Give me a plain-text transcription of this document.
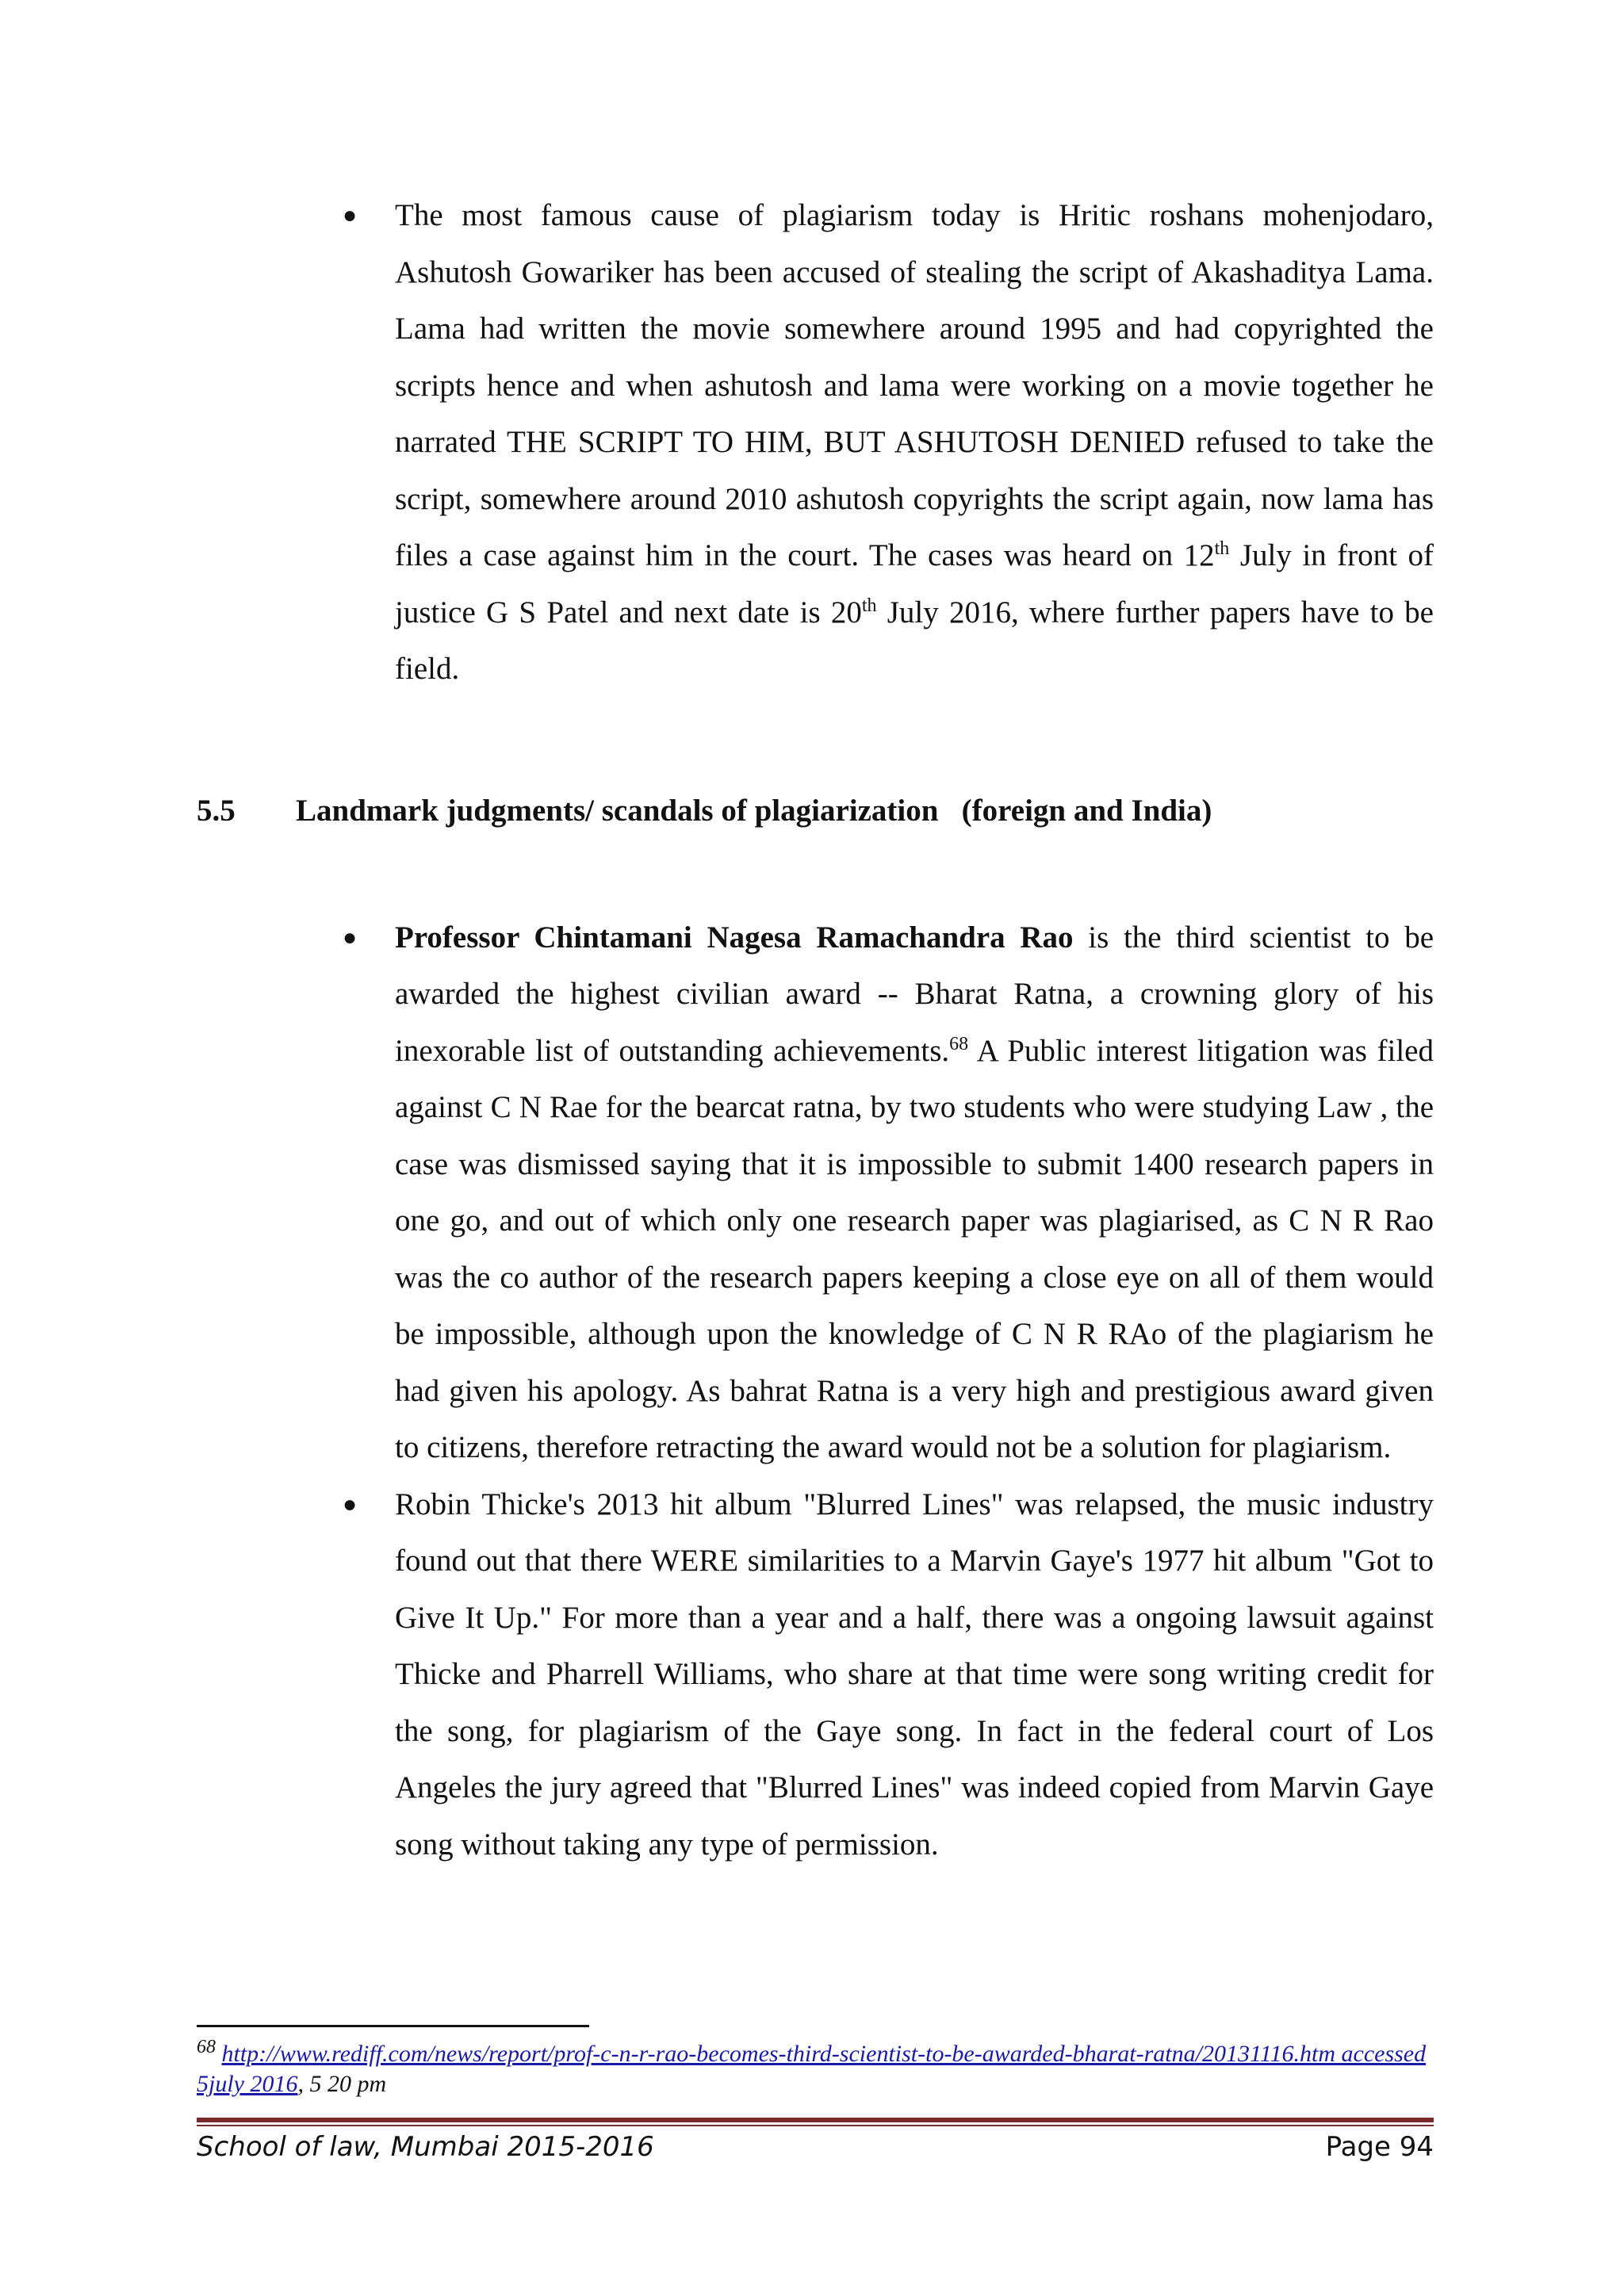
● The most famous cause of plagiarism today is Hritic roshans mohenjodaro, Ashutosh Gowariker has been accused of stealing the script of Akashaditya Lama. Lama had written the movie somewhere around 1995 and had copyrighted the scripts hence and when ashutosh and lama were working on a movie together he narrated THE SCRIPT TO HIM, BUT ASHUTOSH DENIED refused to take the script, somewhere around 2010 ashutosh copyrights the script again, now lama has files a case against him in the court. The cases was heard on 12th July in front of justice G S Patel and next date is 20th July 2016, where further papers have to be field.
5.5	Landmark judgments/ scandals of plagiarization   (foreign and India)
● Professor Chintamani Nagesa Ramachandra Rao is the third scientist to be awarded the highest civilian award -- Bharat Ratna, a crowning glory of his inexorable list of outstanding achievements.$^{68}$ A Public interest litigation was filed against C N Rae for the bearcat ratna, by two students who were studying Law , the case was dismissed saying that it is impossible to submit 1400 research papers in one go, and out of which only one research paper was plagiarised, as C N R Rao was the co author of the research papers keeping a close eye on all of them would be impossible, although upon the knowledge of C N R RAo of the plagiarism he had given his apology. As bahrat Ratna is a very high and prestigious award given to citizens, therefore retracting the award would not be a solution for plagiarism.
● Robin Thicke's 2013 hit album "Blurred Lines" was relapsed, the music industry found out that there WERE similarities to a Marvin Gaye's 1977 hit album "Got to Give It Up." For more than a year and a half, there was a ongoing lawsuit against Thicke and Pharrell Williams, who share at that time were song writing credit for the song, for plagiarism of the Gaye song. In fact in the federal court of Los Angeles the jury agreed that "Blurred Lines" was indeed copied from Marvin Gaye song without taking any type of permission.
$^{68}$ http://www.rediff.com/news/report/prof-c-n-r-rao-becomes-third-scientist-to-be-awarded-bharat-ratna/20131116.htm accessed 5july 2016, 5 20 pm
School of law, Mumbai 2015-2016	Page 94
